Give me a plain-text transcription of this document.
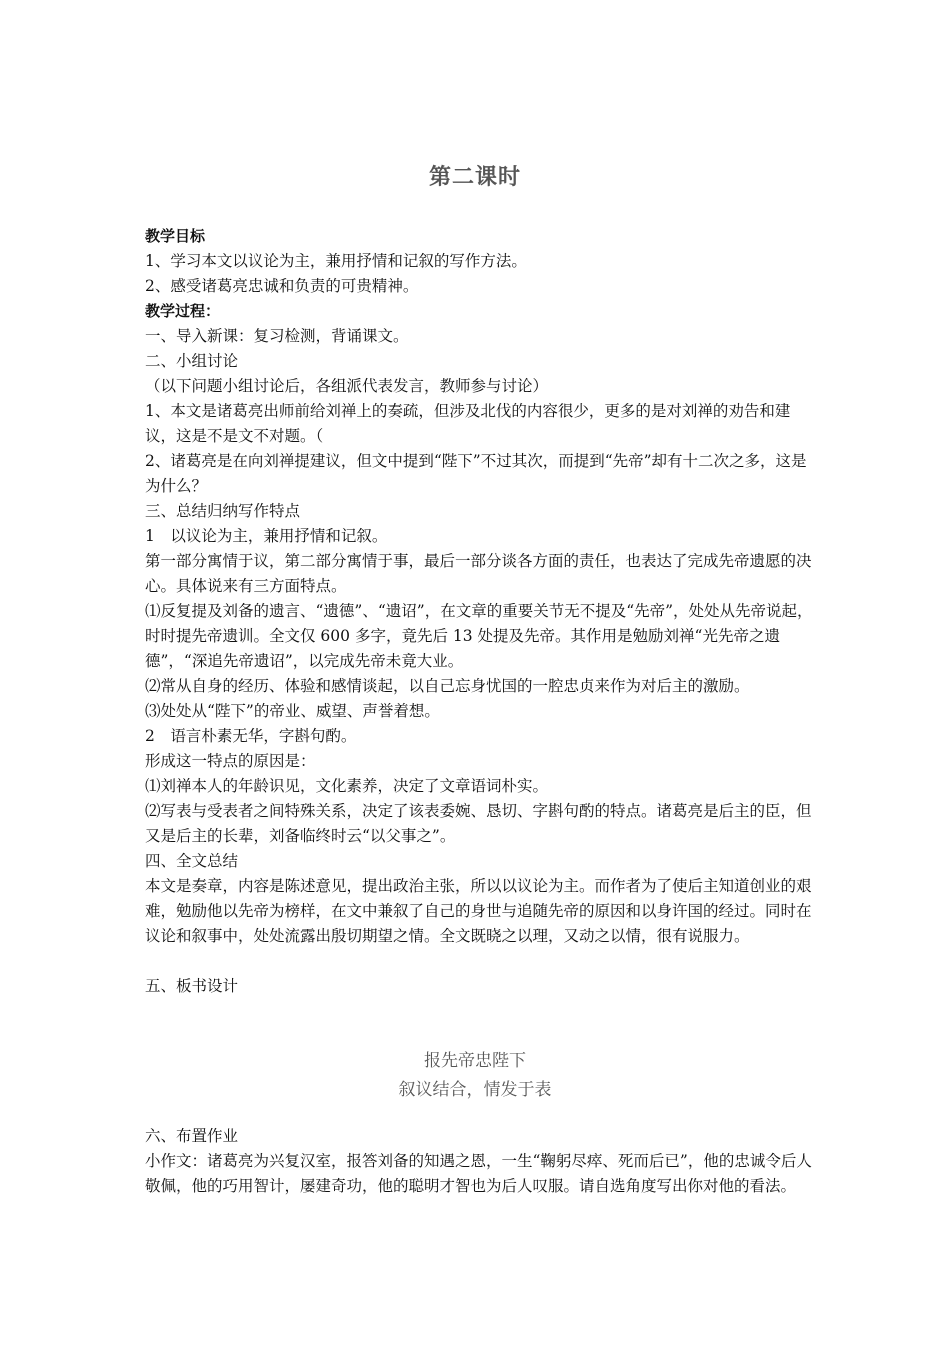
第二课时

教学目标

1、学习本文以议论为主，兼用抒情和记叙的写作方法。

2、感受诸葛亮忠诚和负责的可贵精神。

教学过程：

一、导入新课：复习检测，背诵课文。

二、小组讨论

（以下问题小组讨论后，各组派代表发言，教师参与讨论）

1、本文是诸葛亮出师前给刘禅上的奏疏，但涉及北伐的内容很少，更多的是对刘禅的劝告和建议，这是不是文不对题。（

2、诸葛亮是在向刘禅提建议，但文中提到“陛下”不过其次，而提到“先帝”却有十二次之多，这是为什么？

三、总结归纳写作特点

1　以议论为主，兼用抒情和记叙。

第一部分寓情于议，第二部分寓情于事，最后一部分谈各方面的责任，也表达了完成先帝遗愿的决心。具体说来有三方面特点。

⑴反复提及刘备的遗言、“遗德”、“遗诏”，在文章的重要关节无不提及“先帝”，处处从先帝说起，时时提先帝遗训。全文仅 600 多字，竟先后 13 处提及先帝。其作用是勉励刘禅“光先帝之遗德”，“深追先帝遗诏”，以完成先帝未竟大业。

⑵常从自身的经历、体验和感情谈起，以自己忘身忧国的一腔忠贞来作为对后主的激励。

⑶处处从“陛下”的帝业、威望、声誉着想。

2　语言朴素无华，字斟句酌。

形成这一特点的原因是：

⑴刘禅本人的年龄识见，文化素养，决定了文章语词朴实。

⑵写表与受表者之间特殊关系，决定了该表委婉、恳切、字斟句酌的特点。诸葛亮是后主的臣，但又是后主的长辈，刘备临终时云“以父事之”。

四、全文总结

本文是奏章，内容是陈述意见，提出政治主张，所以以议论为主。而作者为了使后主知道创业的艰难，勉励他以先帝为榜样，在文中兼叙了自己的身世与追随先帝的原因和以身许国的经过。同时在议论和叙事中，处处流露出殷切期望之情。全文既晓之以理，又动之以情，很有说服力。

五、板书设计

报先帝忠陛下
叙议结合，情发于表

六、布置作业

小作文：诸葛亮为兴复汉室，报答刘备的知遇之恩，一生“鞠躬尽瘁、死而后已”，他的忠诚令后人敬佩，他的巧用智计，屡建奇功，他的聪明才智也为后人叹服。请自选角度写出你对他的看法。
